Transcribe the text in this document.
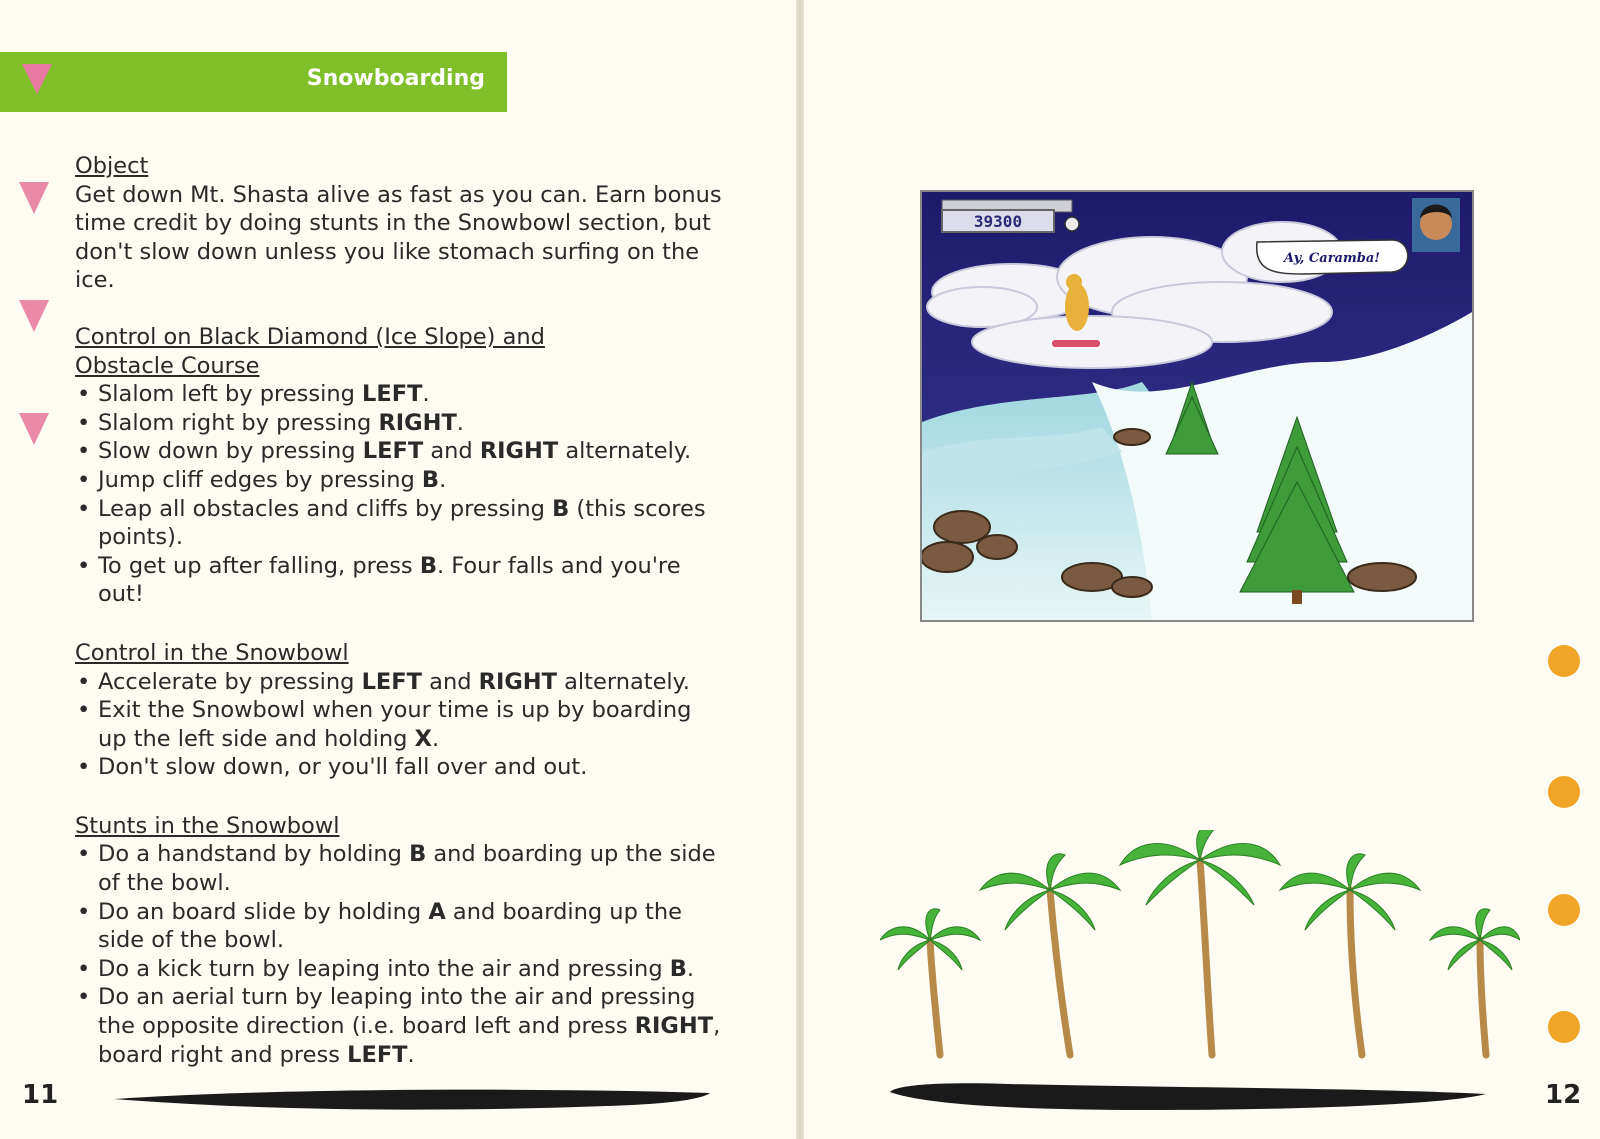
Snowboarding

Object

Get down Mt. Shasta alive as fast as you can. Earn bonus time credit by doing stunts in the Snowbowl section, but don't slow down unless you like stomach surfing on the ice.

Control on Black Diamond (Ice Slope) and

Obstacle Course

• Slalom left by pressing LEFT.
• Slalom right by pressing RIGHT.
• Slow down by pressing LEFT and RIGHT alternately.
• Jump cliff edges by pressing B.
• Leap all obstacles and cliffs by pressing B (this scores points).
• To get up after falling, press B. Four falls and you're out!

Control in the Snowbowl

• Accelerate by pressing LEFT and RIGHT alternately.
• Exit the Snowbowl when your time is up by boarding up the left side and holding X.
• Don't slow down, or you'll fall over and out.

Stunts in the Snowbowl

• Do a handstand by holding B and boarding up the side of the bowl.
• Do an board slide by holding A and boarding up the side of the bowl.
• Do a kick turn by leaping into the air and pressing B.
• Do an aerial turn by leaping into the air and pressing the opposite direction (i.e. board left and press RIGHT, board right and press LEFT.
11
39300
Ay, Caramba!
12
